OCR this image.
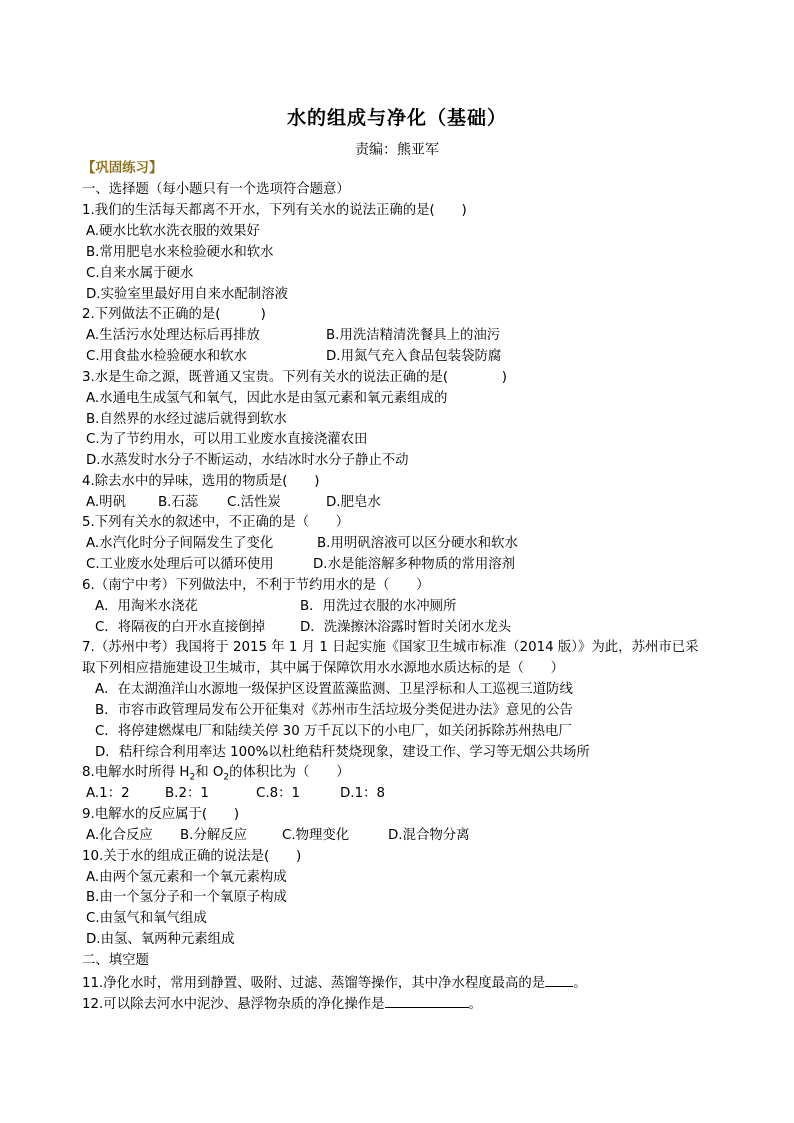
水的组成与净化（基础）
责编：熊亚军
【巩固练习】
一、选择题（每小题只有一个选项符合题意）
1.我们的生活每天都离不开水，下列有关水的说法正确的是(　　)
A.硬水比软水洗衣服的效果好
B.常用肥皂水来检验硬水和软水
C.自来水属于硬水
D.实验室里最好用自来水配制溶液
2.下列做法不正确的是(　　　)
A.生活污水处理达标后再排放	B.用洗洁精清洗餐具上的油污
C.用食盐水检验硬水和软水	D.用氮气充入食品包装袋防腐
3.水是生命之源，既普通又宝贵。下列有关水的说法正确的是(　　　　)
A.水通电生成氢气和氧气，因此水是由氢元素和氧元素组成的
B.自然界的水经过滤后就得到软水
C.为了节约用水，可以用工业废水直接浇灌农田
D.水蒸发时水分子不断运动，水结冰时水分子静止不动
4.除去水中的异味，选用的物质是(　　)
A.明矾 B.石蕊 C.活性炭	D.肥皂水
5.下列有关水的叙述中，不正确的是（　　）
A.水汽化时分子间隔发生了变化	B.用明矾溶液可以区分硬水和软水
C.工业废水处理后可以循环使用	D.水是能溶解多种物质的常用溶剂
6.（南宁中考）下列做法中，不利于节约用水的是（　　）
A．用淘米水浇花	B．用洗过衣服的水冲厕所
C．将隔夜的白开水直接倒掉	D．洗澡擦沐浴露时暂时关闭水龙头
7.（苏州中考）我国将于 2015 年 1 月 1 日起实施《国家卫生城市标准（2014 版）》为此，苏州市已采
取下列相应措施建设卫生城市，其中属于保障饮用水水源地水质达标的是（　　）
A．在太湖渔洋山水源地一级保护区设置蓝藻监测、卫星浮标和人工巡视三道防线
B．市容市政管理局发布公开征集对《苏州市生活垃圾分类促进办法》意见的公告
C．将停建燃煤电厂和陆续关停 30 万千瓦以下的小电厂，如关闭拆除苏州热电厂
D．秸秆综合利用率达 100%以杜绝秸秆焚烧现象，建设工作、学习等无烟公共场所
8.电解水时所得 $H_2$和 $O_2$的体积比为（　　）
A.1：2	B.2：1	C.8：1	D.1：8
9.电解水的反应属于(　　)
A.化合反应 B.分解反应	C.物理变化	D.混合物分离
10.关于水的组成正确的说法是(　　)
A.由两个氢元素和一个氧元素构成
B.由一个氢分子和一个氧原子构成
C.由氢气和氧气组成
D.由氢、氧两种元素组成
二、填空题
11.净化水时，常用到静置、吸附、过滤、蒸馏等操作，其中净水程度最高的是 。
12.可以除去河水中泥沙、悬浮物杂质的净化操作是	。
